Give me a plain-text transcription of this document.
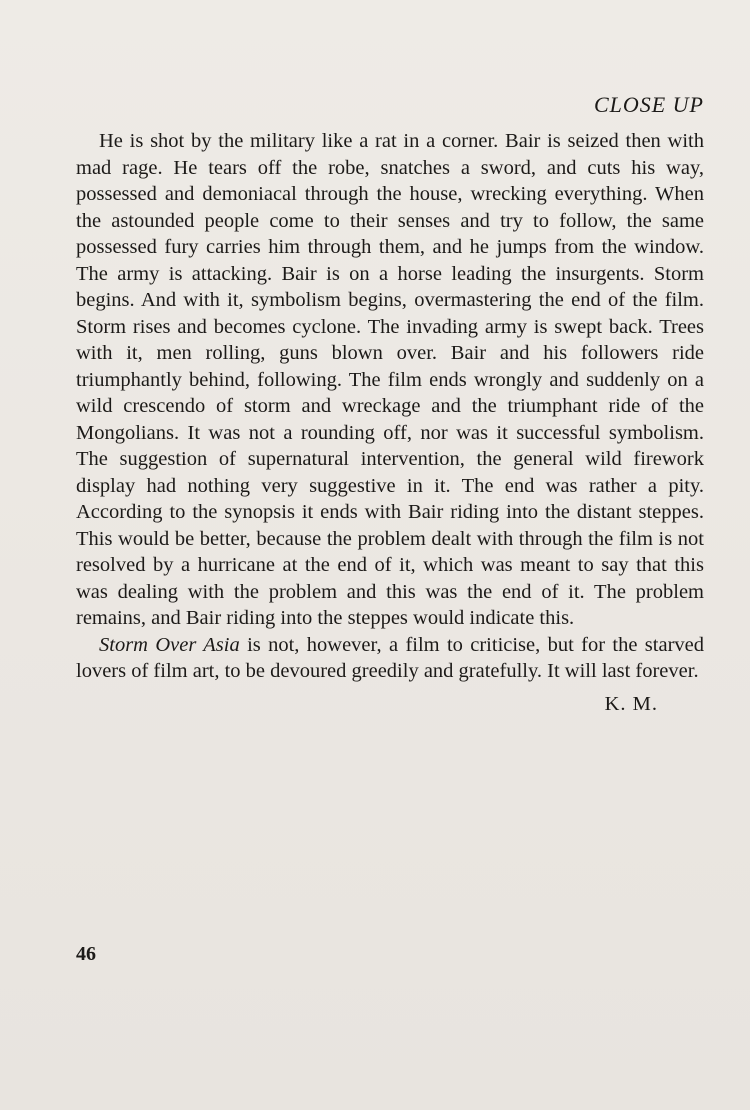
CLOSE UP

He is shot by the military like a rat in a corner. Bair is seized then with mad rage. He tears off the robe, snatches a sword, and cuts his way, possessed and demoniacal through the house, wrecking everything. When the astounded people come to their senses and try to follow, the same possessed fury carries him through them, and he jumps from the window. The army is attacking. Bair is on a horse leading the insurgents. Storm begins. And with it, symbolism begins, overmastering the end of the film. Storm rises and becomes cyclone. The invading army is swept back. Trees with it, men rolling, guns blown over. Bair and his followers ride triumphantly behind, following. The film ends wrongly and suddenly on a wild crescendo of storm and wreckage and the triumphant ride of the Mongolians. It was not a rounding off, nor was it successful symbolism. The suggestion of supernatural intervention, the general wild firework display had nothing very suggestive in it. The end was rather a pity. According to the synopsis it ends with Bair riding into the distant steppes. This would be better, because the problem dealt with through the film is not resolved by a hurricane at the end of it, which was meant to say that this was dealing with the problem and this was the end of it. The problem remains, and Bair riding into the steppes would indicate this.

Storm Over Asia is not, however, a film to criticise, but for the starved lovers of film art, to be devoured greedily and gratefully. It will last forever.

K. M.

46
